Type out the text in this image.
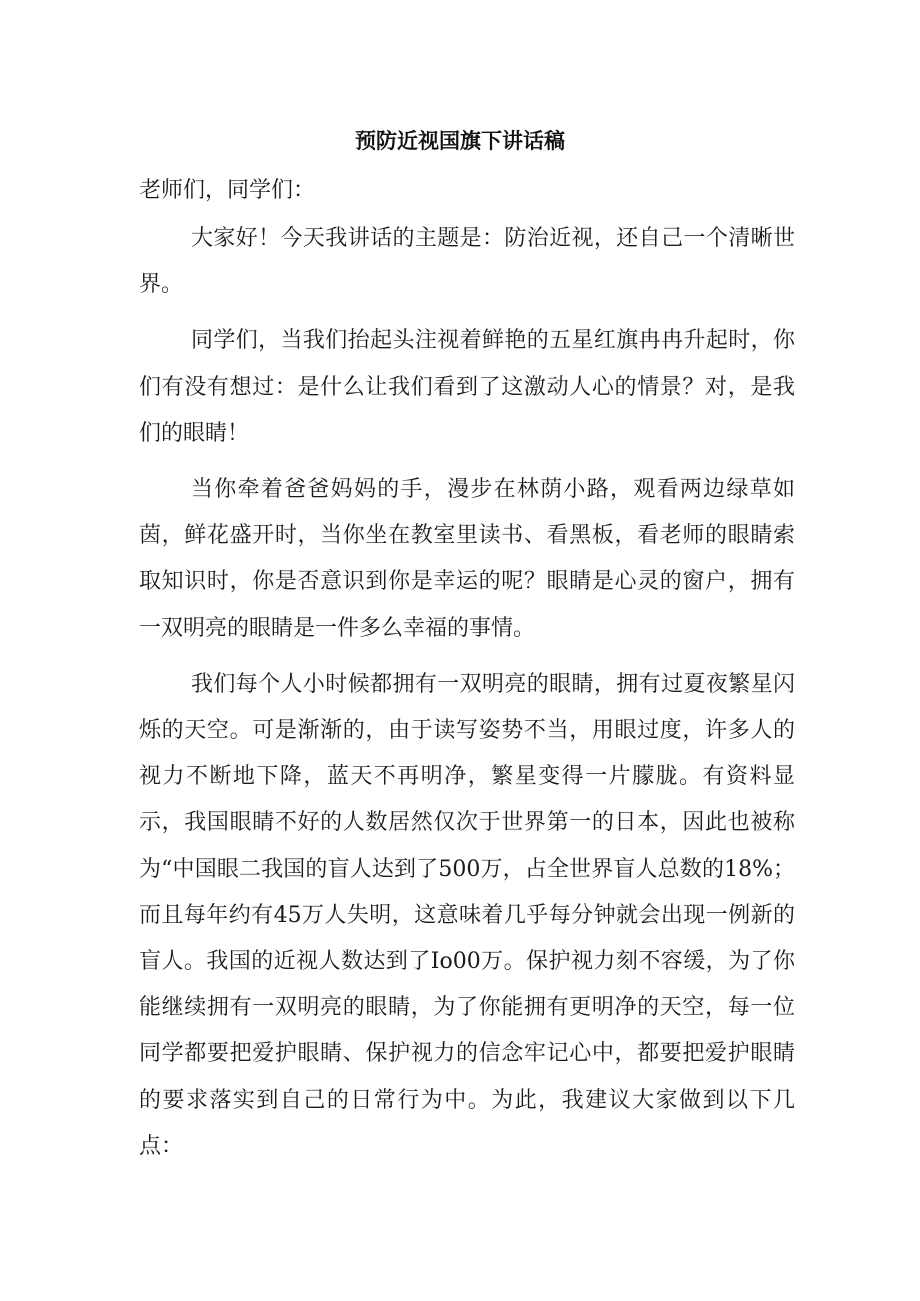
预防近视国旗下讲话稿

老师们，同学们：

大家好！今天我讲话的主题是：防治近视，还自己一个清晰世界。

同学们，当我们抬起头注视着鲜艳的五星红旗冉冉升起时，你们有没有想过：是什么让我们看到了这激动人心的情景？对，是我们的眼睛！

当你牵着爸爸妈妈的手，漫步在林荫小路，观看两边绿草如茵，鲜花盛开时，当你坐在教室里读书、看黑板，看老师的眼睛索取知识时，你是否意识到你是幸运的呢？眼睛是心灵的窗户，拥有一双明亮的眼睛是一件多么幸福的事情。

我们每个人小时候都拥有一双明亮的眼睛，拥有过夏夜繁星闪烁的天空。可是渐渐的，由于读写姿势不当，用眼过度，许多人的视力不断地下降，蓝天不再明净，繁星变得一片朦胧。有资料显示，我国眼睛不好的人数居然仅次于世界第一的日本，因此也被称为“中国眼二我国的盲人达到了500万，占全世界盲人总数的18%；而且每年约有45万人失明，这意味着几乎每分钟就会出现一例新的盲人。我国的近视人数达到了Io00万。保护视力刻不容缓，为了你能继续拥有一双明亮的眼睛，为了你能拥有更明净的天空，每一位同学都要把爱护眼睛、保护视力的信念牢记心中，都要把爱护眼睛的要求落实到自己的日常行为中。为此，我建议大家做到以下几点：
